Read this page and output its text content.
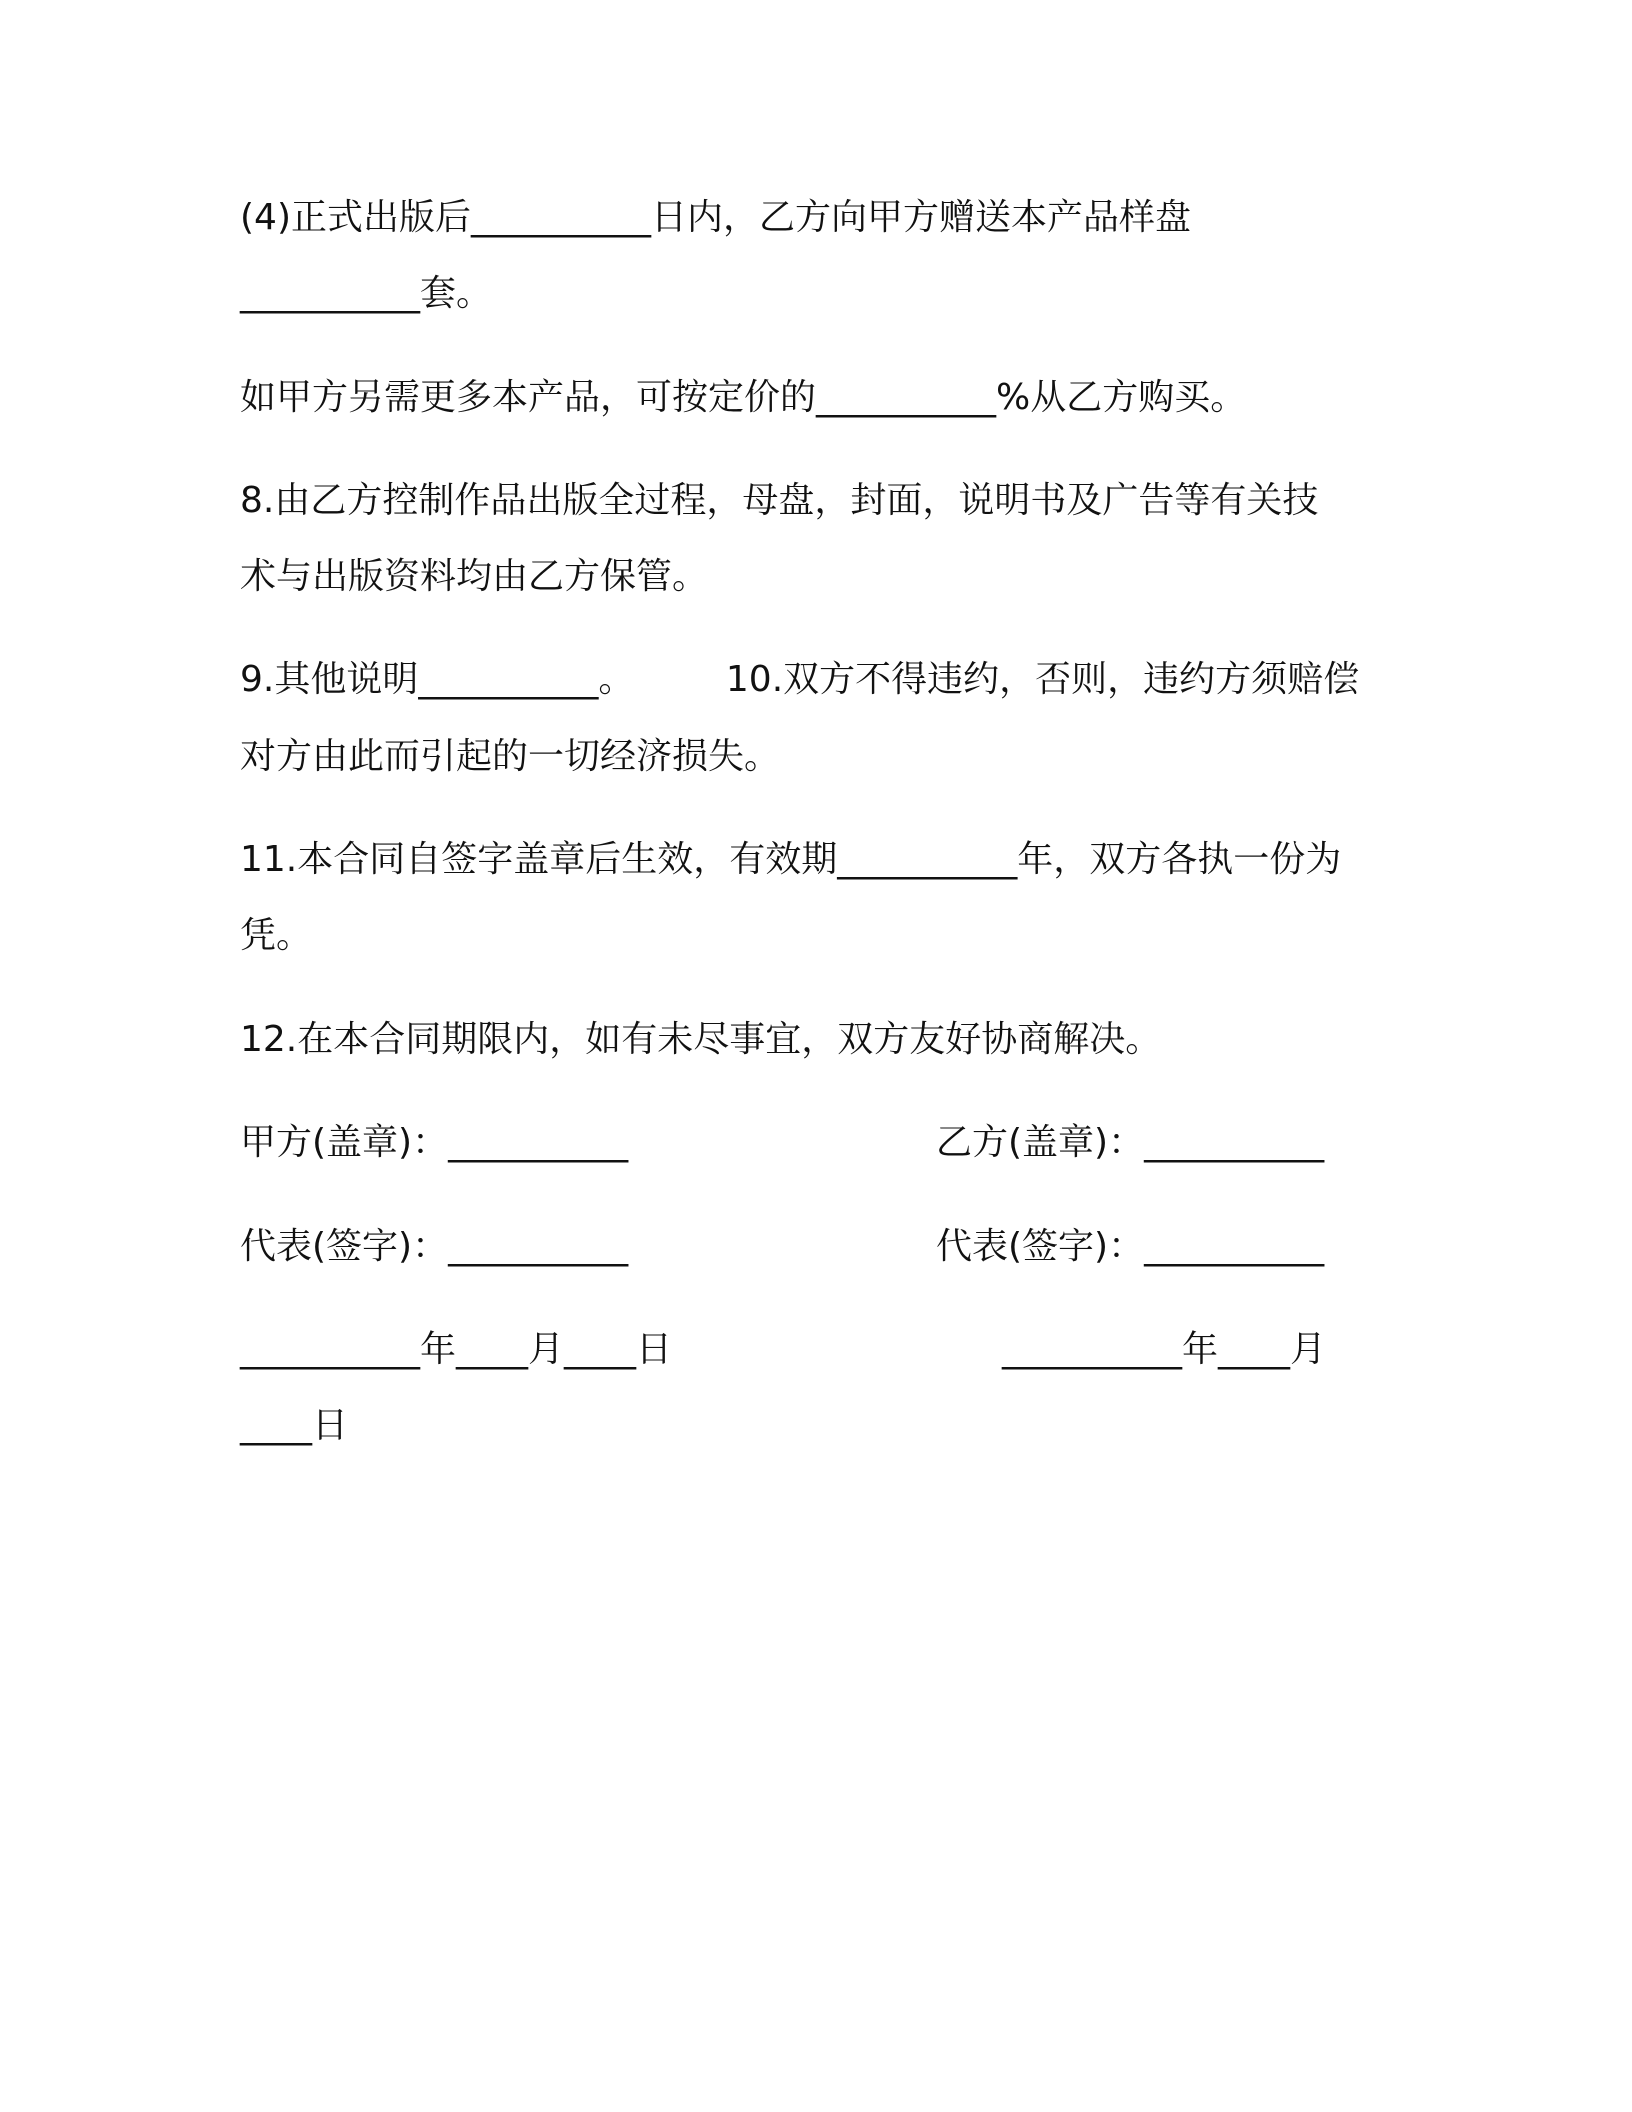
(4)正式出版后__________日内，乙方向甲方赠送本产品样盘
__________套。
如甲方另需更多本产品，可按定价的__________%从乙方购买。
8.由乙方控制作品出版全过程，母盘，封面，说明书及广告等有关技
术与出版资料均由乙方保管。
9.其他说明__________。        10.双方不得违约，否则，违约方须赔偿
对方由此而引起的一切经济损失。
11.本合同自签字盖章后生效，有效期__________年，双方各执一份为
凭。
12.在本合同期限内，如有未尽事宜，双方友好协商解决。
甲方(盖章)：__________	乙方(盖章)：__________
代表(签字)：__________	代表(签字)：__________
__________年____月____日	__________年____月
____日
